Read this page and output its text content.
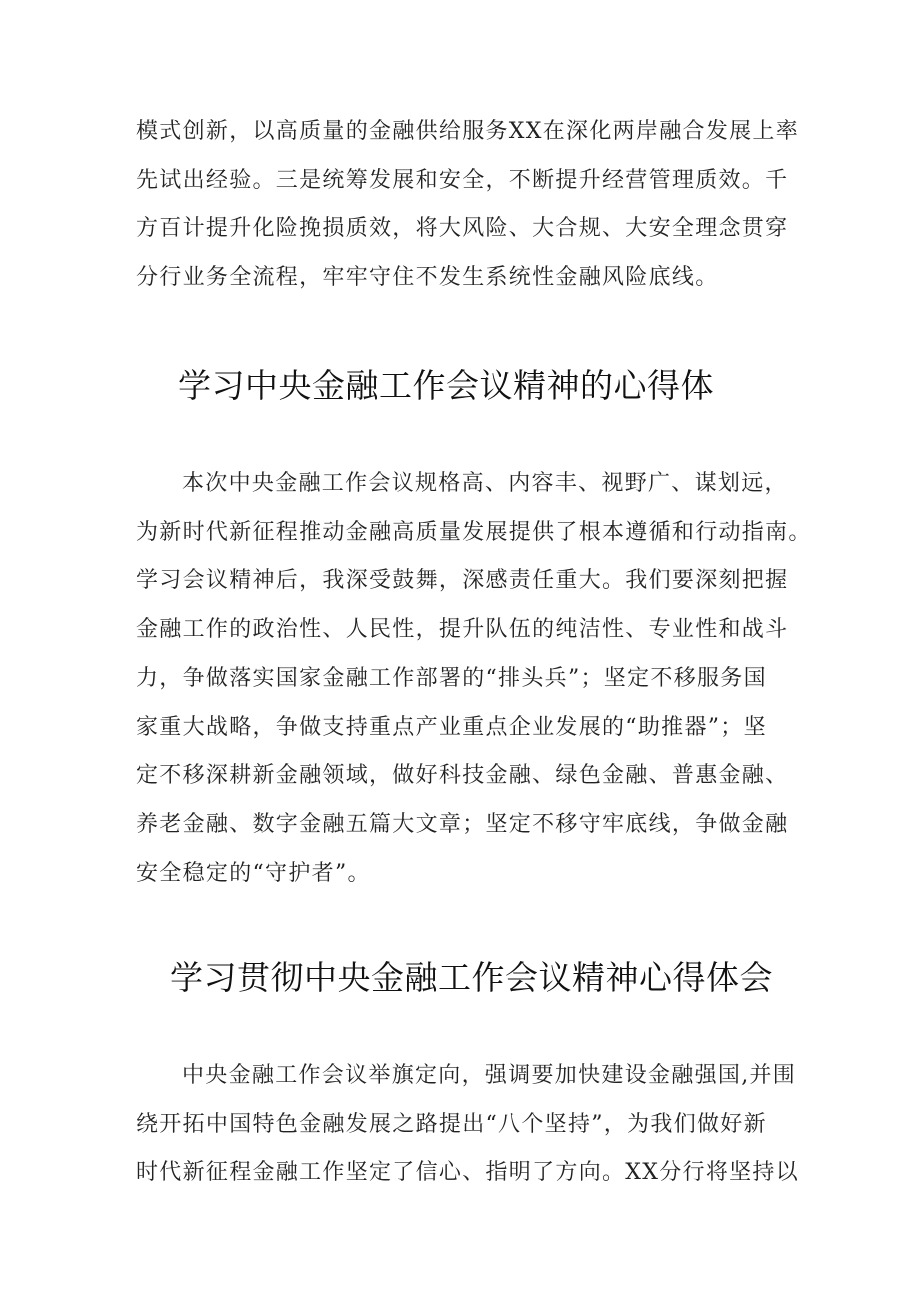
模式创新，以高质量的金融供给服务XX在深化两岸融合发展上率
先试出经验。三是统筹发展和安全，不断提升经营管理质效。千
方百计提升化险挽损质效，将大风险、大合规、大安全理念贯穿
分行业务全流程，牢牢守住不发生系统性金融风险底线。

学习中央金融工作会议精神的心得体

本次中央金融工作会议规格高、内容丰、视野广、谋划远，
为新时代新征程推动金融高质量发展提供了根本遵循和行动指南。
学习会议精神后，我深受鼓舞，深感责任重大。我们要深刻把握
金融工作的政治性、人民性，提升队伍的纯洁性、专业性和战斗
力，争做落实国家金融工作部署的“排头兵”；坚定不移服务国
家重大战略，争做支持重点产业重点企业发展的“助推器”；坚
定不移深耕新金融领域，做好科技金融、绿色金融、普惠金融、
养老金融、数字金融五篇大文章；坚定不移守牢底线，争做金融
安全稳定的“守护者”。

学习贯彻中央金融工作会议精神心得体会

中央金融工作会议举旗定向，强调要加快建设金融强国,并围
绕开拓中国特色金融发展之路提出“八个坚持”，为我们做好新
时代新征程金融工作坚定了信心、指明了方向。XX分行将坚持以
